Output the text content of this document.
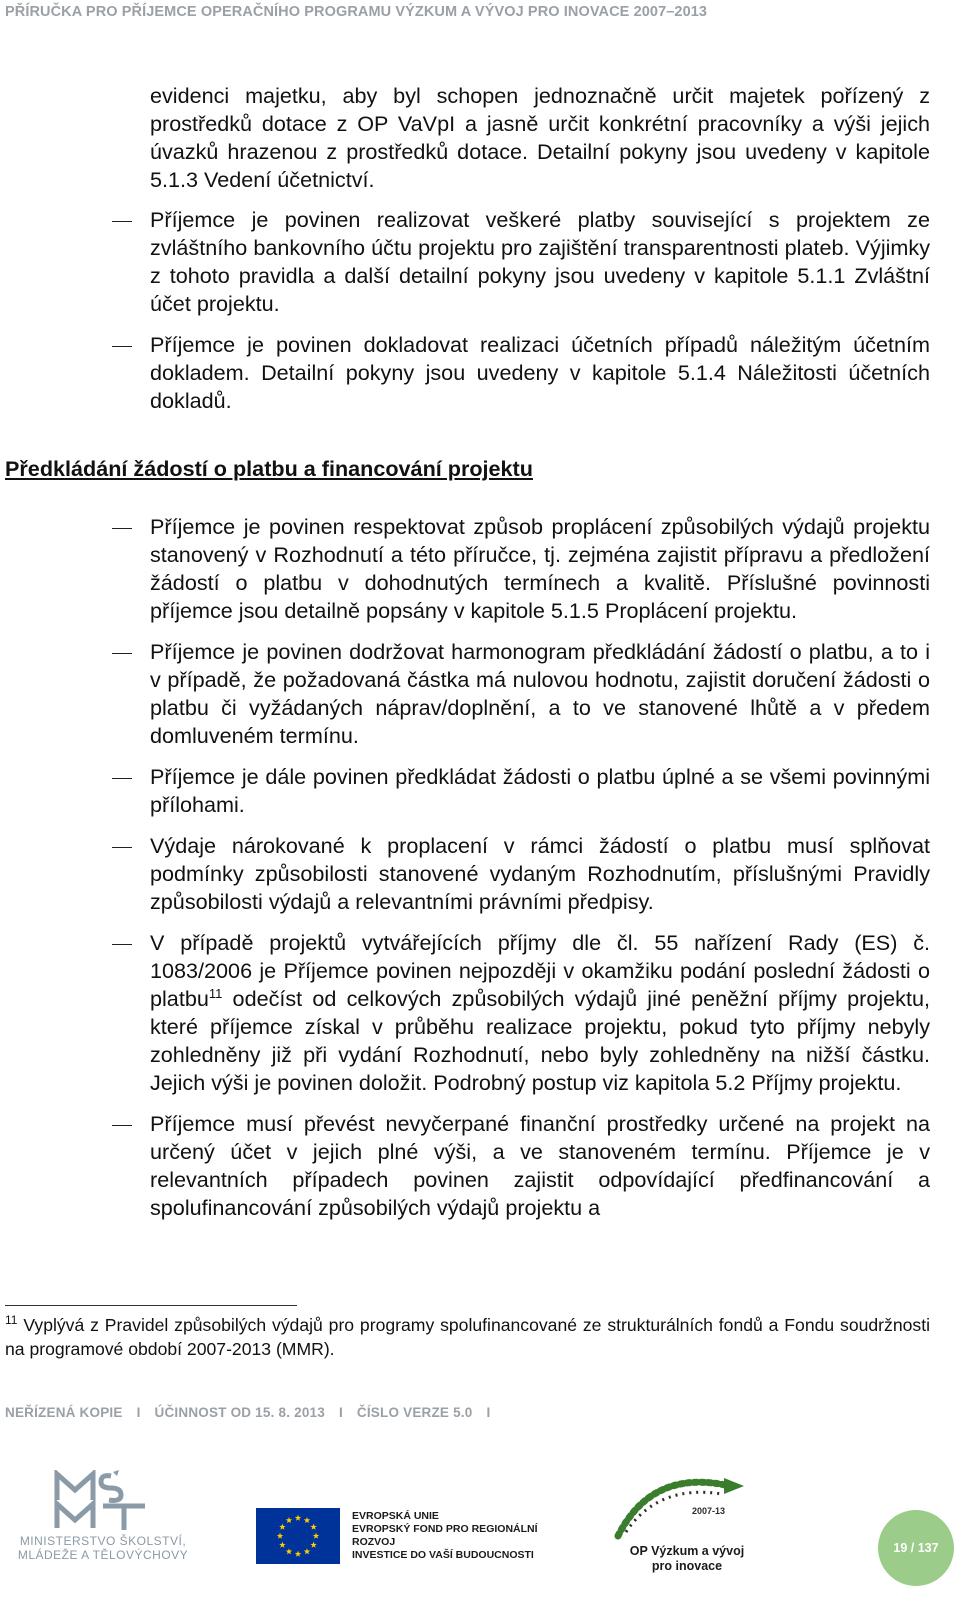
PŘÍRUČKA PRO PŘÍJEMCE OPERAČNÍHO PROGRAMU VÝZKUM A VÝVOJ PRO INOVACE 2007–2013

evidenci majetku, aby byl schopen jednoznačně určit majetek pořízený z prostředků dotace z OP VaVpI a jasně určit konkrétní pracovníky a výši jejich úvazků hrazenou z prostředků dotace. Detailní pokyny jsou uvedeny v kapitole 5.1.3 Vedení účetnictví.

Příjemce je povinen realizovat veškeré platby související s projektem ze zvláštního bankovního účtu projektu pro zajištění transparentnosti plateb. Výjimky z tohoto pravidla a další detailní pokyny jsou uvedeny v kapitole 5.1.1 Zvláštní účet projektu.
Příjemce je povinen dokladovat realizaci účetních případů náležitým účetním dokladem. Detailní pokyny jsou uvedeny v kapitole 5.1.4 Náležitosti účetních dokladů.
Předkládání žádostí o platbu a financování projektu
Příjemce je povinen respektovat způsob proplácení způsobilých výdajů projektu stanovený v Rozhodnutí a této příručce, tj. zejména zajistit přípravu a předložení žádostí o platbu v dohodnutých termínech a kvalitě. Příslušné povinnosti příjemce jsou detailně popsány v kapitole 5.1.5 Proplácení projektu.
Příjemce je povinen dodržovat harmonogram předkládání žádostí o platbu, a to i v případě, že požadovaná částka má nulovou hodnotu, zajistit doručení žádosti o platbu či vyžádaných náprav/doplnění, a to ve stanovené lhůtě a v předem domluveném termínu.
Příjemce je dále povinen předkládat žádosti o platbu úplné a se všemi povinnými přílohami.
Výdaje nárokované k proplacení v rámci žádostí o platbu musí splňovat podmínky způsobilosti stanovené vydaným Rozhodnutím, příslušnými Pravidly způsobilosti výdajů a relevantními právními předpisy.
V případě projektů vytvářejících příjmy dle čl. 55 nařízení Rady (ES) č. 1083/2006 je Příjemce povinen nejpozději v okamžiku podání poslední žádosti o platbu$^{11}$ odečíst od celkových způsobilých výdajů jiné peněžní příjmy projektu, které příjemce získal v průběhu realizace projektu, pokud tyto příjmy nebyly zohledněny již při vydání Rozhodnutí, nebo byly zohledněny na nižší částku. Jejich výši je povinen doložit. Podrobný postup viz kapitola 5.2 Příjmy projektu.
Příjemce musí převést nevyčerpané finanční prostředky určené na projekt na určený účet v jejich plné výši, a ve stanoveném termínu. Příjemce je v relevantních případech povinen zajistit odpovídající předfinancování a spolufinancování způsobilých výdajů projektu a
$^{11}$ Vyplývá z Pravidel způsobilých výdajů pro programy spolufinancované ze strukturálních fondů a Fondu soudržnosti na programové období 2007-2013 (MMR).
NEŘÍZENÁ KOPIE I ÚČINNOST OD 15. 8. 2013 I ČÍSLO VERZE 5.0 I
MINISTERSTVO ŠKOLSTVÍ,
MLÁDEŽE A TĚLOVÝCHOVY
EVROPSKÁ UNIE
EVROPSKÝ FOND PRO REGIONÁLNÍ ROZVOJ
INVESTICE DO VAŠÍ BUDOUCNOSTI
2007-13
OP Výzkum a vývoj
pro inovace
19 / 137
